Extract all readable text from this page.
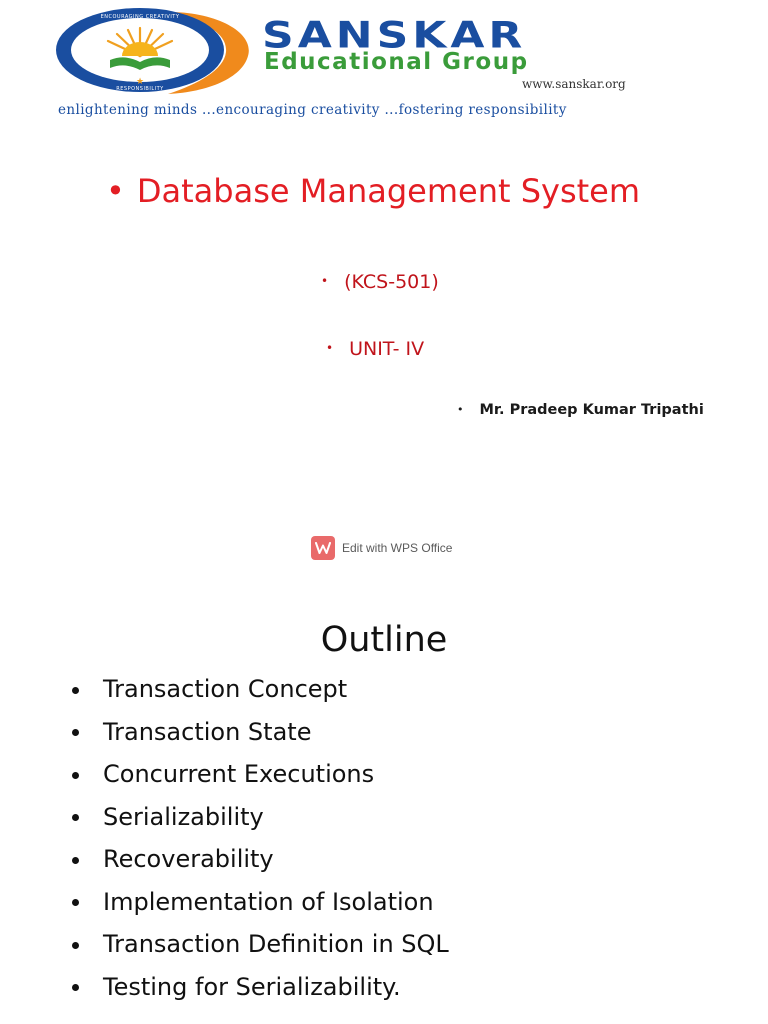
★
ENCOURAGING CREATIVITY
RESPONSIBILITY
SANSKAR
Educational Group
www.sanskar.org
enlightening minds ...encouraging creativity ...fostering responsibility
• Database Management System
• (KCS-501)
• UNIT- IV
• Mr. Pradeep Kumar Tripathi
Edit with WPS Office
Outline
Transaction Concept
Transaction State
Concurrent Executions
Serializability
Recoverability
Implementation of Isolation
Transaction Definition in SQL
Testing for Serializability.
